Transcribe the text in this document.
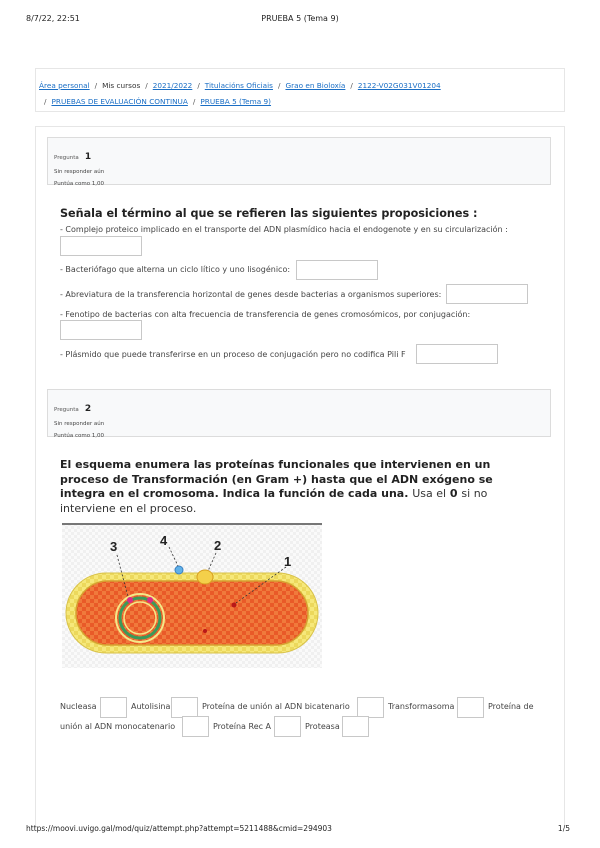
8/7/22, 22:51	PRUEBA 5 (Tema 9)
Área personal / Mis cursos / 2021/2022 / Titulacións Oficiais / Grao en Bioloxía / 2122-V02G031V01204
/ PRUEBAS DE EVALUACIÓN CONTINUA / PRUEBA 5 (Tema 9)
Pregunta 1
Sin responder aún
Puntúa como 1,00
Señala el término al que se refieren las siguientes proposiciones :
- Complejo proteico implicado en el transporte del ADN plasmídico hacia el endogenote y en su circularización :
- Bacteriófago que alterna un ciclo lítico y uno lisogénico:
- Abreviatura de la transferencia horizontal de genes desde bacterias a organismos superiores:
- Fenotipo de bacterias con alta frecuencia de transferencia de genes cromosómicos, por conjugación:
- Plásmido que puede transferirse en un proceso de conjugación pero no codifica Pili F
Pregunta 2
Sin responder aún
Puntúa como 1,00
El esquema enumera las proteínas funcionales que intervienen en un proceso de Transformación (en Gram +) hasta que el ADN exógeno se integra en el cromosoma. Indica la función de cada una. Usa el 0 si no interviene en el proceso.
1
2
3	4
Nucleasa	Autolisina	Proteína de unión al ADN bicatenario	Transformasoma	Proteína de
unión al ADN monocatenario	Proteína Rec A	Proteasa
https://moovi.uvigo.gal/mod/quiz/attempt.php?attempt=5211488&cmid=294903	1/5
